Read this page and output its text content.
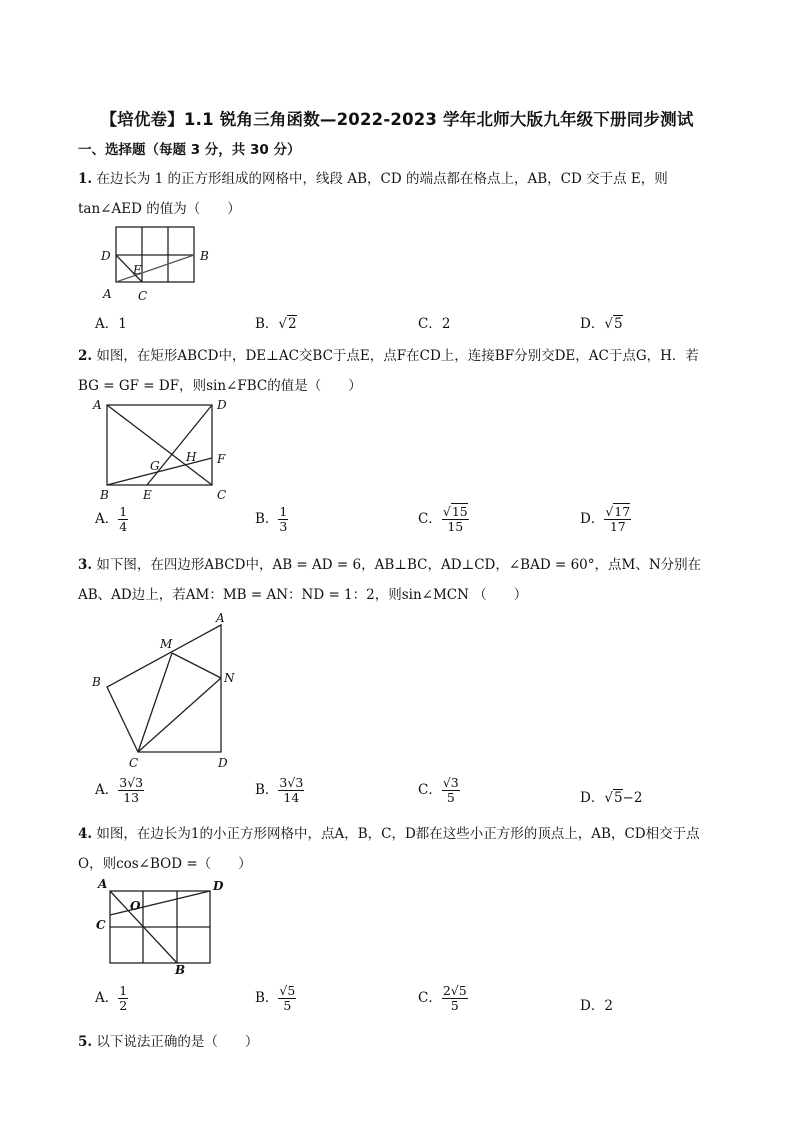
【培优卷】1.1 锐角三角函数—2022-2023 学年北师大版九年级下册同步测试
一、选择题（每题 3 分，共 30 分）
1. 在边长为 1 的正方形组成的网格中，线段 AB，CD 的端点都在格点上，AB，CD 交于点 E，则
tan∠AED 的值为（　　）
D	B
E
A C
A．1	B．√2	C．2	D．√5
2. 如图，在矩形ABCD中，DE⊥AC交BC于点E，点F在CD上，连接BF分别交DE，AC于点G，H．若
BG = GF = DF，则sin∠FBC的值是（　　）
A	D
H F
G
B	E	C
A． $\frac{1}{4}$	B． $\frac{1}{3}$	C． $\frac{√15}{15}$	D． $\frac{√17}{17}$
3. 如下图，在四边形ABCD中，AB = AD = 6，AB⊥BC，AD⊥CD，∠BAD = 60°，点M、N分别在
AB、AD边上，若AM：MB = AN：ND = 1：2，则sin∠MCN （　　）
A
M
N
B
C	D
A． $\frac{3√3}{13}$	B． $\frac{3√3}{14}$	C． $\frac{√3}{5}$	D．√5−2
4. 如图，在边长为1的小正方形网格中，点A，B，C，D都在这些小正方形的顶点上，AB，CD相交于点
O，则cos∠BOD =（　　）
A	D
O
C
B
A． $\frac{1}{2}$	B． $\frac{√5}{5}$	C． $\frac{2√5}{5}$	D．2
5. 以下说法正确的是（　　）
